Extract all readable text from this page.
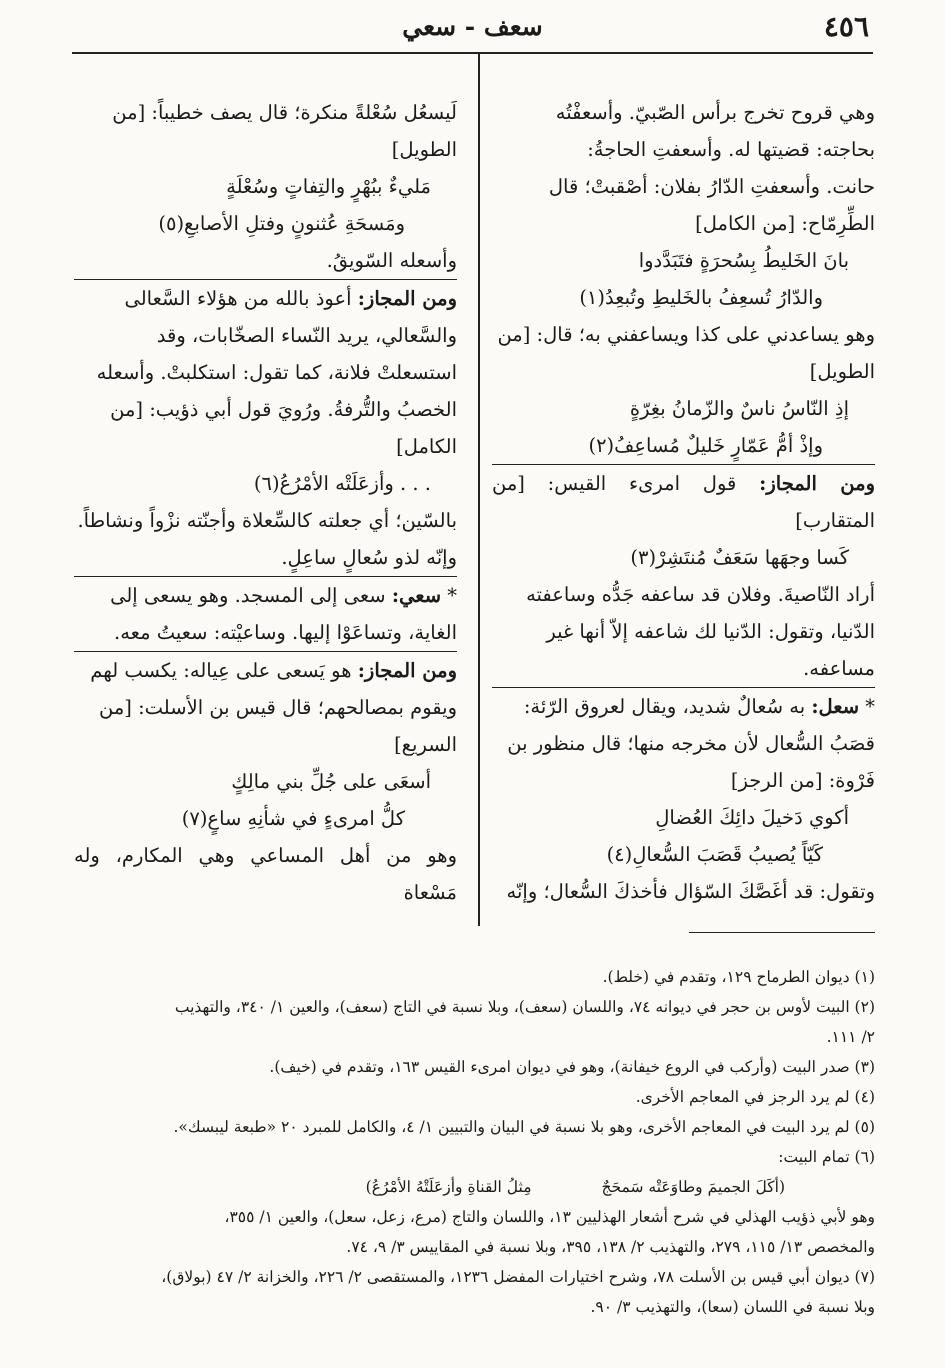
سعف - سعي	٤٥٦

وهي قروح تخرج برأس الصّبيّ. وأسعفْتُه

بحاجته: قضيتها له. وأسعفتِ الحاجةُ:

حانت. وأسعفتِ الدّارُ بفلان: أصْقبتْ؛ قال

الطِّرِمّاح: [من الكامل]

بانَ الخَليطُ بِسُحرَةٍ فتَبَدَّدوا

والدّارُ تُسعِفُ بالخَليطِ وتُبعِدُ(١)

وهو يساعدني على كذا ويساعفني به؛ قال: [من

الطويل]

إذِ النّاسُ ناسٌ والزّمانُ بغِرّةٍ

وإذْ أمُّ عَمّارٍ خَليلٌ مُساعِفُ(٢)

ومن المجاز: قول امرىء القيس: [من المتقارب]

كَسا وجهَها سَعَفٌ مُنتَشِرْ(٣)

أراد النّاصيةَ. وفلان قد ساعفه جَدُّه وساعفته

الدّنيا، وتقول: الدّنيا لك شاعفه إلاّ أنها غير

مساعفه.

* سعل: به سُعالٌ شديد، ويقال لعروق الرّئة:

قصَبُ السُّعال لأن مخرجه منها؛ قال منظور بن

فَرْوة: [من الرجز]

أكوي دَخيلَ دائِكَ العُضالِ

كَيّاً يُصيبُ قَصَبَ السُّعالِ(٤)

وتقول: قد أغَصَّكَ السّؤال فأخذكَ السُّعال؛ وإنّه

لَيسعُل سُعْلةً منكرة؛ قال يصف خطيباً: [من

الطويل]

مَليءٌ ببُهْرٍ والتِفاتٍ وسُعْلَةٍ

ومَسحَةِ عُثنونٍ وفتلِ الأصابعِ(٥)

وأسعله السّويقُ.

ومن المجاز: أعوذ بالله من هؤلاء السَّعالى

والسَّعالي، يريد النّساء الصخّابات، وقد

استسعلتْ فلانة، كما تقول: استكلبتْ. وأسعله

الخصبُ والتُّرفةُ. ورُويَ قول أبي ذؤيب: [من

الكامل]

. . . وأزعَلَتْه الأمْرُعُ(٦)

بالسّين؛ أي جعلته كالسِّعلاة وأجنّته نزْواً ونشاطاً.

وإنّه لذو سُعالٍ ساعِلٍ.

* سعي: سعى إلى المسجد. وهو يسعى إلى

الغاية، وتساعَوْا إليها. وساعيْته: سعيتُ معه.

ومن المجاز: هو يَسعى على عِياله: يكسب لهم

ويقوم بمصالحهم؛ قال قيس بن الأسلت: [من

السريع]

أسعَى على جُلِّ بني مالِكٍ

كلُّ امرىءٍ في شأنِهِ ساعٍ(٧)

وهو من أهل المساعي وهي المكارم، وله مَسْعاة

(١) ديوان الطرماح ١٢٩، وتقدم في (خلط).

(٢) البيت لأوس بن حجر في ديوانه ٧٤، واللسان (سعف)، وبلا نسبة في التاج (سعف)، والعين ١/ ٣٤٠، والتهذيب

٢/ ١١١.

(٣) صدر البيت (وأركب في الروع خيفانة)، وهو في ديوان امرىء القيس ١٦٣، وتقدم في (خيف).

(٤) لم يرد الرجز في المعاجم الأخرى.

(٥) لم يرد البيت في المعاجم الأخرى، وهو بلا نسبة في البيان والتبيين ١/ ٤، والكامل للمبرد ٢٠ «طبعة ليبسك».

(٦) تمام البيت:

(أكَلَ الجميمَ وطاوَعَتْه سَمحَجٌ
مِثلُ القناةِ وأزعَلَتْهُ الأمْرُعُ)

وهو لأبي ذؤيب الهذلي في شرح أشعار الهذليين ١٣، واللسان والتاج (مرع، زعل، سعل)، والعين ١/ ٣٥٥،

والمخصص ١٣/ ١١٥، ٢٧٩، والتهذيب ٢/ ١٣٨، ٣٩٥، وبلا نسبة في المقاييس ٣/ ٩، ٧٤.

(٧) ديوان أبي قيس بن الأسلت ٧٨، وشرح اختيارات المفضل ١٢٣٦، والمستقصى ٢/ ٢٢٦، والخزانة ٢/ ٤٧ (بولاق)،

وبلا نسبة في اللسان (سعا)، والتهذيب ٣/ ٩٠.
